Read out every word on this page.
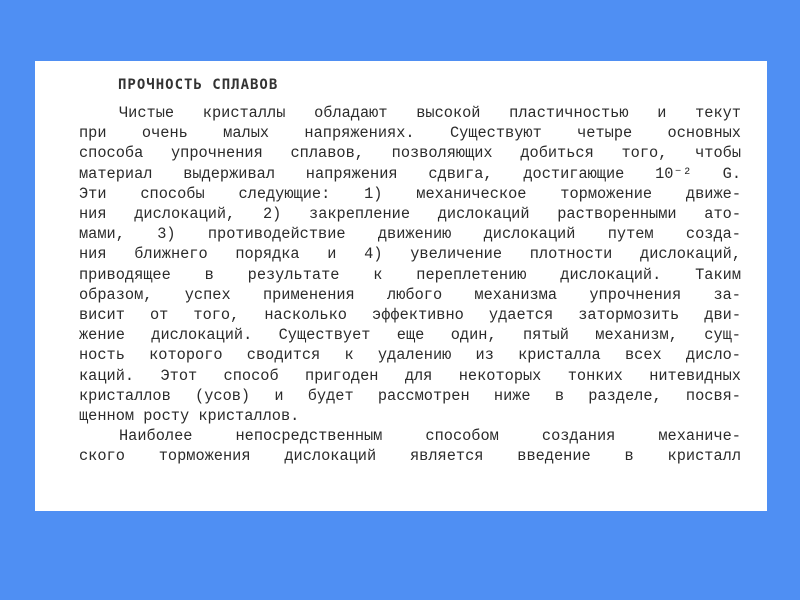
ПРОЧНОСТЬ СПЛАВОВ
Чистые кристаллы обладают высокой пластичностью и текут
при очень малых напряжениях. Существуют четыре основных
способа упрочнения сплавов, позволяющих добиться того, чтобы
материал выдерживал напряжения сдвига, достигающие 10⁻² G.
Эти способы следующие: 1) механическое торможение движе-
ния дислокаций, 2) закрепление дислокаций растворенными ато-
мами, 3) противодействие движению дислокаций путем созда-
ния ближнего порядка и 4) увеличение плотности дислокаций,
приводящее в результате к переплетению дислокаций. Таким
образом, успех применения любого механизма упрочнения за-
висит от того, насколько эффективно удается затормозить дви-
жение дислокаций. Существует еще один, пятый механизм, сущ-
ность которого сводится к удалению из кристалла всех дисло-
каций. Этот способ пригоден для некоторых тонких нитевидных
кристаллов (усов) и будет рассмотрен ниже в разделе, посвя-
щенном росту кристаллов.
Наиболее непосредственным способом создания механиче-
ского торможения дислокаций является введение в кристалл
